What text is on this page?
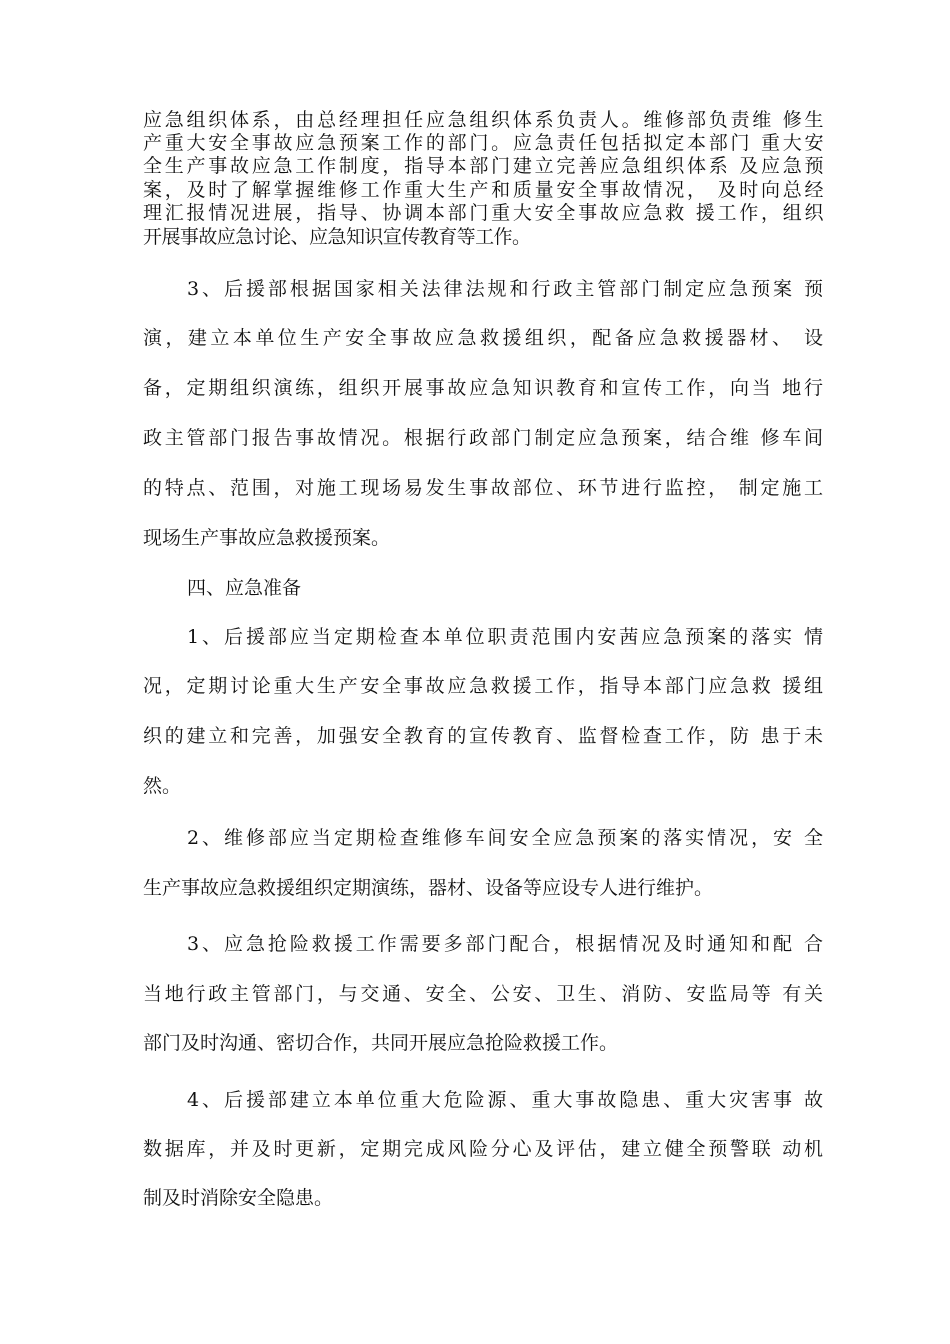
应急组织体系，由总经理担任应急组织体系负责人。维修部负责维 修生
产重大安全事故应急预案工作的部门。应急责任包括拟定本部门 重大安
全生产事故应急工作制度，指导本部门建立完善应急组织体系 及应急预
案，及时了解掌握维修工作重大生产和质量安全事故情况， 及时向总经
理汇报情况进展，指导、协调本部门重大安全事故应急救 援工作，组织
开展事故应急讨论、应急知识宣传教育等工作。
3、后援部根据国家相关法律法规和行政主管部门制定应急预案 预
演，建立本单位生产安全事故应急救援组织，配备应急救援器材、 设
备，定期组织演练，组织开展事故应急知识教育和宣传工作，向当 地行
政主管部门报告事故情况。根据行政部门制定应急预案，结合维 修车间
的特点、范围，对施工现场易发生事故部位、环节进行监控， 制定施工
现场生产事故应急救援预案。
四、应急准备
1、后援部应当定期检查本单位职责范围内安茜应急预案的落实 情
况，定期讨论重大生产安全事故应急救援工作，指导本部门应急救 援组
织的建立和完善，加强安全教育的宣传教育、监督检查工作，防 患于未
然。
2、维修部应当定期检查维修车间安全应急预案的落实情况，安 全
生产事故应急救援组织定期演练，器材、设备等应设专人进行维护。
3、应急抢险救援工作需要多部门配合，根据情况及时通知和配 合
当地行政主管部门，与交通、安全、公安、卫生、消防、安监局等 有关
部门及时沟通、密切合作，共同开展应急抢险救援工作。
4、后援部建立本单位重大危险源、重大事故隐患、重大灾害事 故
数据库，并及时更新，定期完成风险分心及评估，建立健全预警联 动机
制及时消除安全隐患。
